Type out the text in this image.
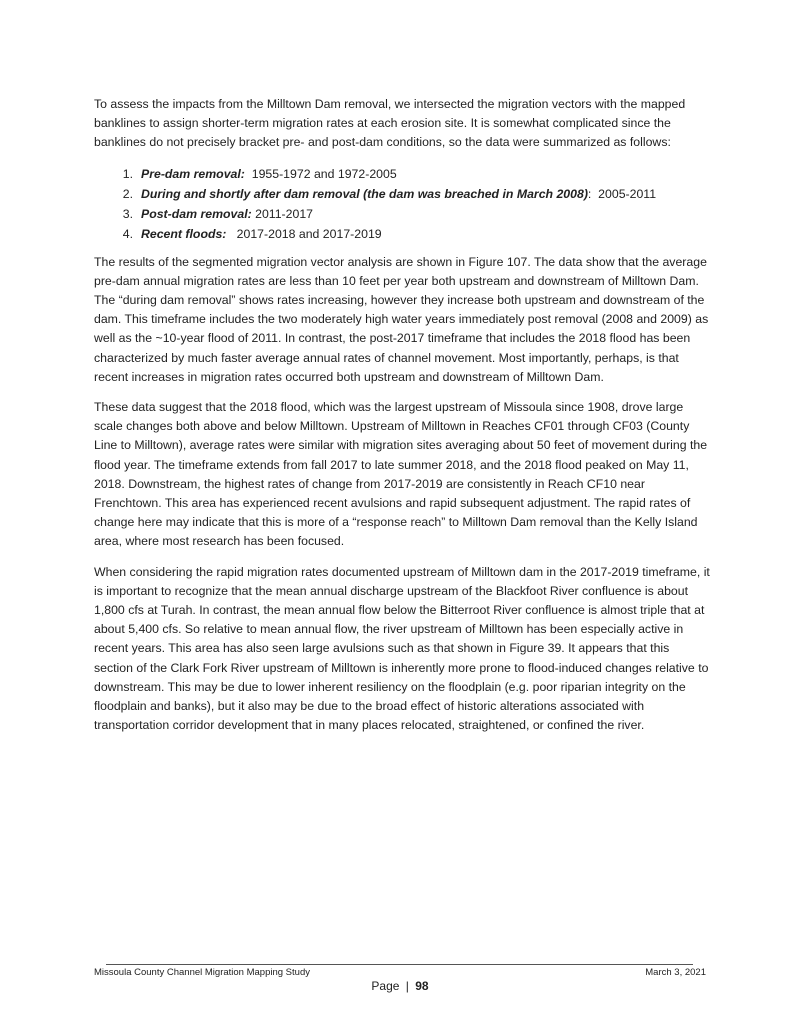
To assess the impacts from the Milltown Dam removal, we intersected the migration vectors with the mapped banklines to assign shorter-term migration rates at each erosion site. It is somewhat complicated since the banklines do not precisely bracket pre- and post-dam conditions, so the data were summarized as follows:

1. Pre-dam removal:  1955-1972 and 1972-2005
2. During and shortly after dam removal (the dam was breached in March 2008):  2005-2011
3. Post-dam removal: 2011-2017
4. Recent floods:   2017-2018 and 2017-2019

The results of the segmented migration vector analysis are shown in Figure 107. The data show that the average pre-dam annual migration rates are less than 10 feet per year both upstream and downstream of Milltown Dam. The “during dam removal” shows rates increasing, however they increase both upstream and downstream of the dam. This timeframe includes the two moderately high water years immediately post removal (2008 and 2009) as well as the ~10-year flood of 2011. In contrast, the post-2017 timeframe that includes the 2018 flood has been characterized by much faster average annual rates of channel movement. Most importantly, perhaps, is that recent increases in migration rates occurred both upstream and downstream of Milltown Dam.

These data suggest that the 2018 flood, which was the largest upstream of Missoula since 1908, drove large scale changes both above and below Milltown. Upstream of Milltown in Reaches CF01 through CF03 (County Line to Milltown), average rates were similar with migration sites averaging about 50 feet of movement during the flood year. The timeframe extends from fall 2017 to late summer 2018, and the 2018 flood peaked on May 11, 2018. Downstream, the highest rates of change from 2017-2019 are consistently in Reach CF10 near Frenchtown. This area has experienced recent avulsions and rapid subsequent adjustment. The rapid rates of change here may indicate that this is more of a “response reach” to Milltown Dam removal than the Kelly Island area, where most research has been focused.

When considering the rapid migration rates documented upstream of Milltown dam in the 2017-2019 timeframe, it is important to recognize that the mean annual discharge upstream of the Blackfoot River confluence is about 1,800 cfs at Turah. In contrast, the mean annual flow below the Bitterroot River confluence is almost triple that at about 5,400 cfs. So relative to mean annual flow, the river upstream of Milltown has been especially active in recent years. This area has also seen large avulsions such as that shown in Figure 39. It appears that this section of the Clark Fork River upstream of Milltown is inherently more prone to flood-induced changes relative to downstream. This may be due to lower inherent resiliency on the floodplain (e.g. poor riparian integrity on the floodplain and banks), but it also may be due to the broad effect of historic alterations associated with transportation corridor development that in many places relocated, straightened, or confined the river.

Missoula County Channel Migration Mapping Study	March 3, 2021
Page | 98
